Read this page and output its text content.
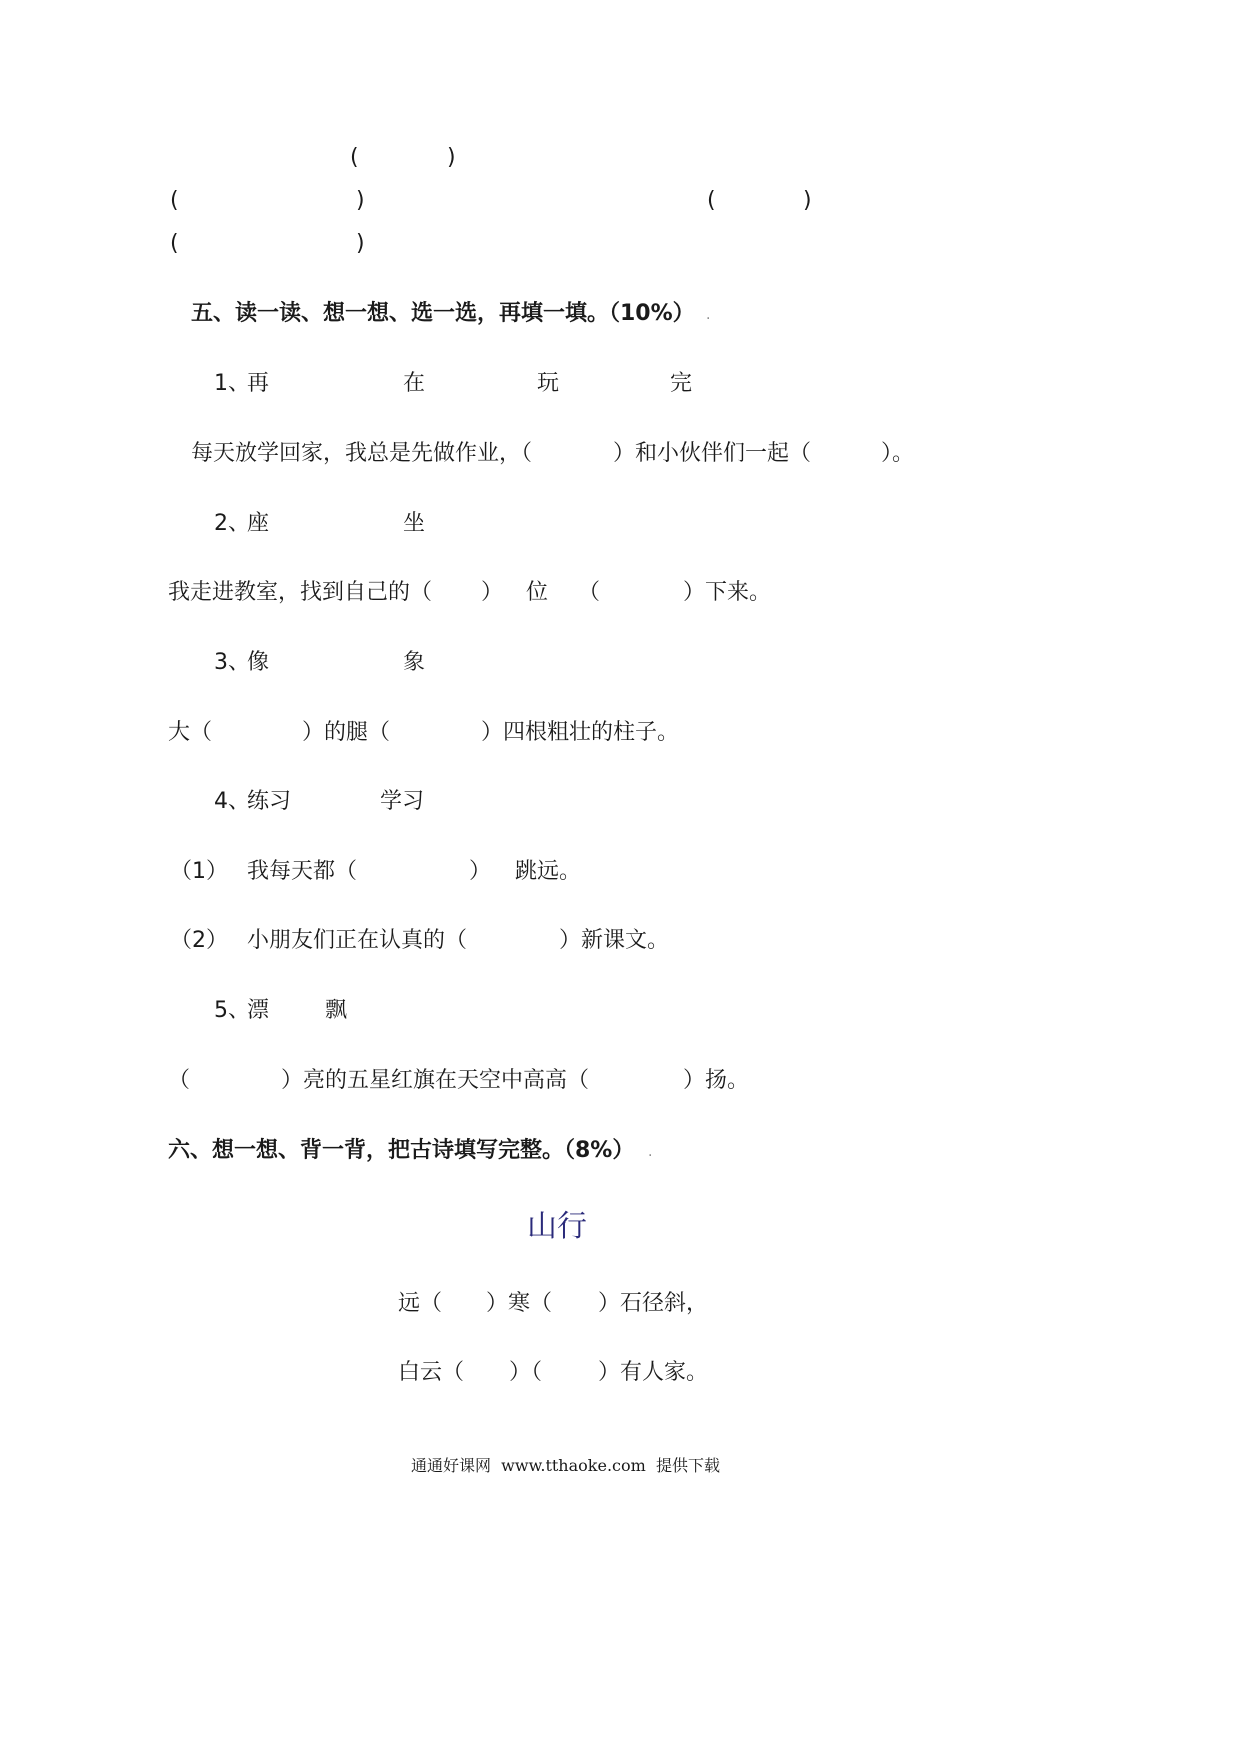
(	)
(	)	(	)
(	)
五、读一读、想一想、选一选，再填一填。（10%） .
1、
再	在	玩	完
每天放学回家，我总是先做作业，（	）和小伙伴们一起（	）。
2、
座	坐
我走进教室，找到自己的（ ） 位 （	）下来。
3、
像	象
大（	）的腿（	）四根粗壮的柱子。
4、
练习	学习
（1） 我每天都（	） 跳远。
（2） 小朋友们正在认真的（	）新课文。
5、
漂	飘
（	）亮的五星红旗在天空中高高（	）扬。
六、想一想、背一背，把古诗填写完整。（8%） .
山行
远（ ）寒（ ）石径斜，
白云（ ）（	）有人家。
通通好课网  www.tthaoke.com  提供下载
